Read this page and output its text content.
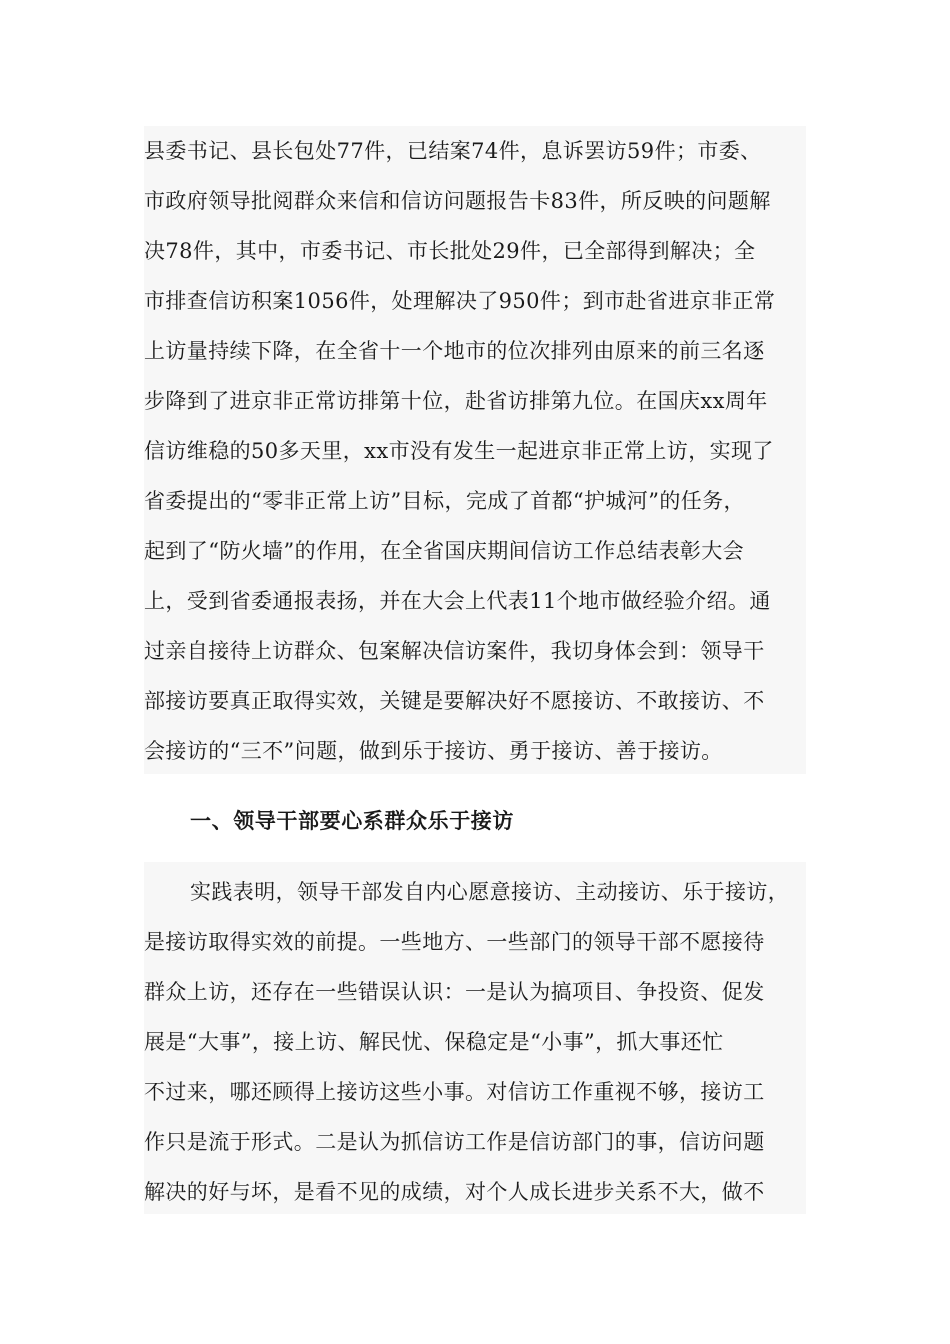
县委书记、县长包处77件，已结案74件，息诉罢访59件；市委、
市政府领导批阅群众来信和信访问题报告卡83件，所反映的问题解
决78件，其中，市委书记、市长批处29件，已全部得到解决；全
市排查信访积案1056件，处理解决了950件；到市赴省进京非正常
上访量持续下降，在全省十一个地市的位次排列由原来的前三名逐
步降到了进京非正常访排第十位，赴省访排第九位。在国庆xx周年
信访维稳的50多天里，xx市没有发生一起进京非正常上访，实现了
省委提出的“零非正常上访”目标，完成了首都“护城河”的任务，
起到了“防火墙”的作用，在全省国庆期间信访工作总结表彰大会
上，受到省委通报表扬，并在大会上代表11个地市做经验介绍。通
过亲自接待上访群众、包案解决信访案件，我切身体会到：领导干
部接访要真正取得实效，关键是要解决好不愿接访、不敢接访、不
会接访的“三不”问题，做到乐于接访、勇于接访、善于接访。
一、领导干部要心系群众乐于接访
实践表明，领导干部发自内心愿意接访、主动接访、乐于接访，
是接访取得实效的前提。一些地方、一些部门的领导干部不愿接待
群众上访，还存在一些错误认识：一是认为搞项目、争投资、促发
展是“大事”，接上访、解民忧、保稳定是“小事”，抓大事还忙
不过来，哪还顾得上接访这些小事。对信访工作重视不够，接访工
作只是流于形式。二是认为抓信访工作是信访部门的事，信访问题
解决的好与坏，是看不见的成绩，对个人成长进步关系不大，做不
